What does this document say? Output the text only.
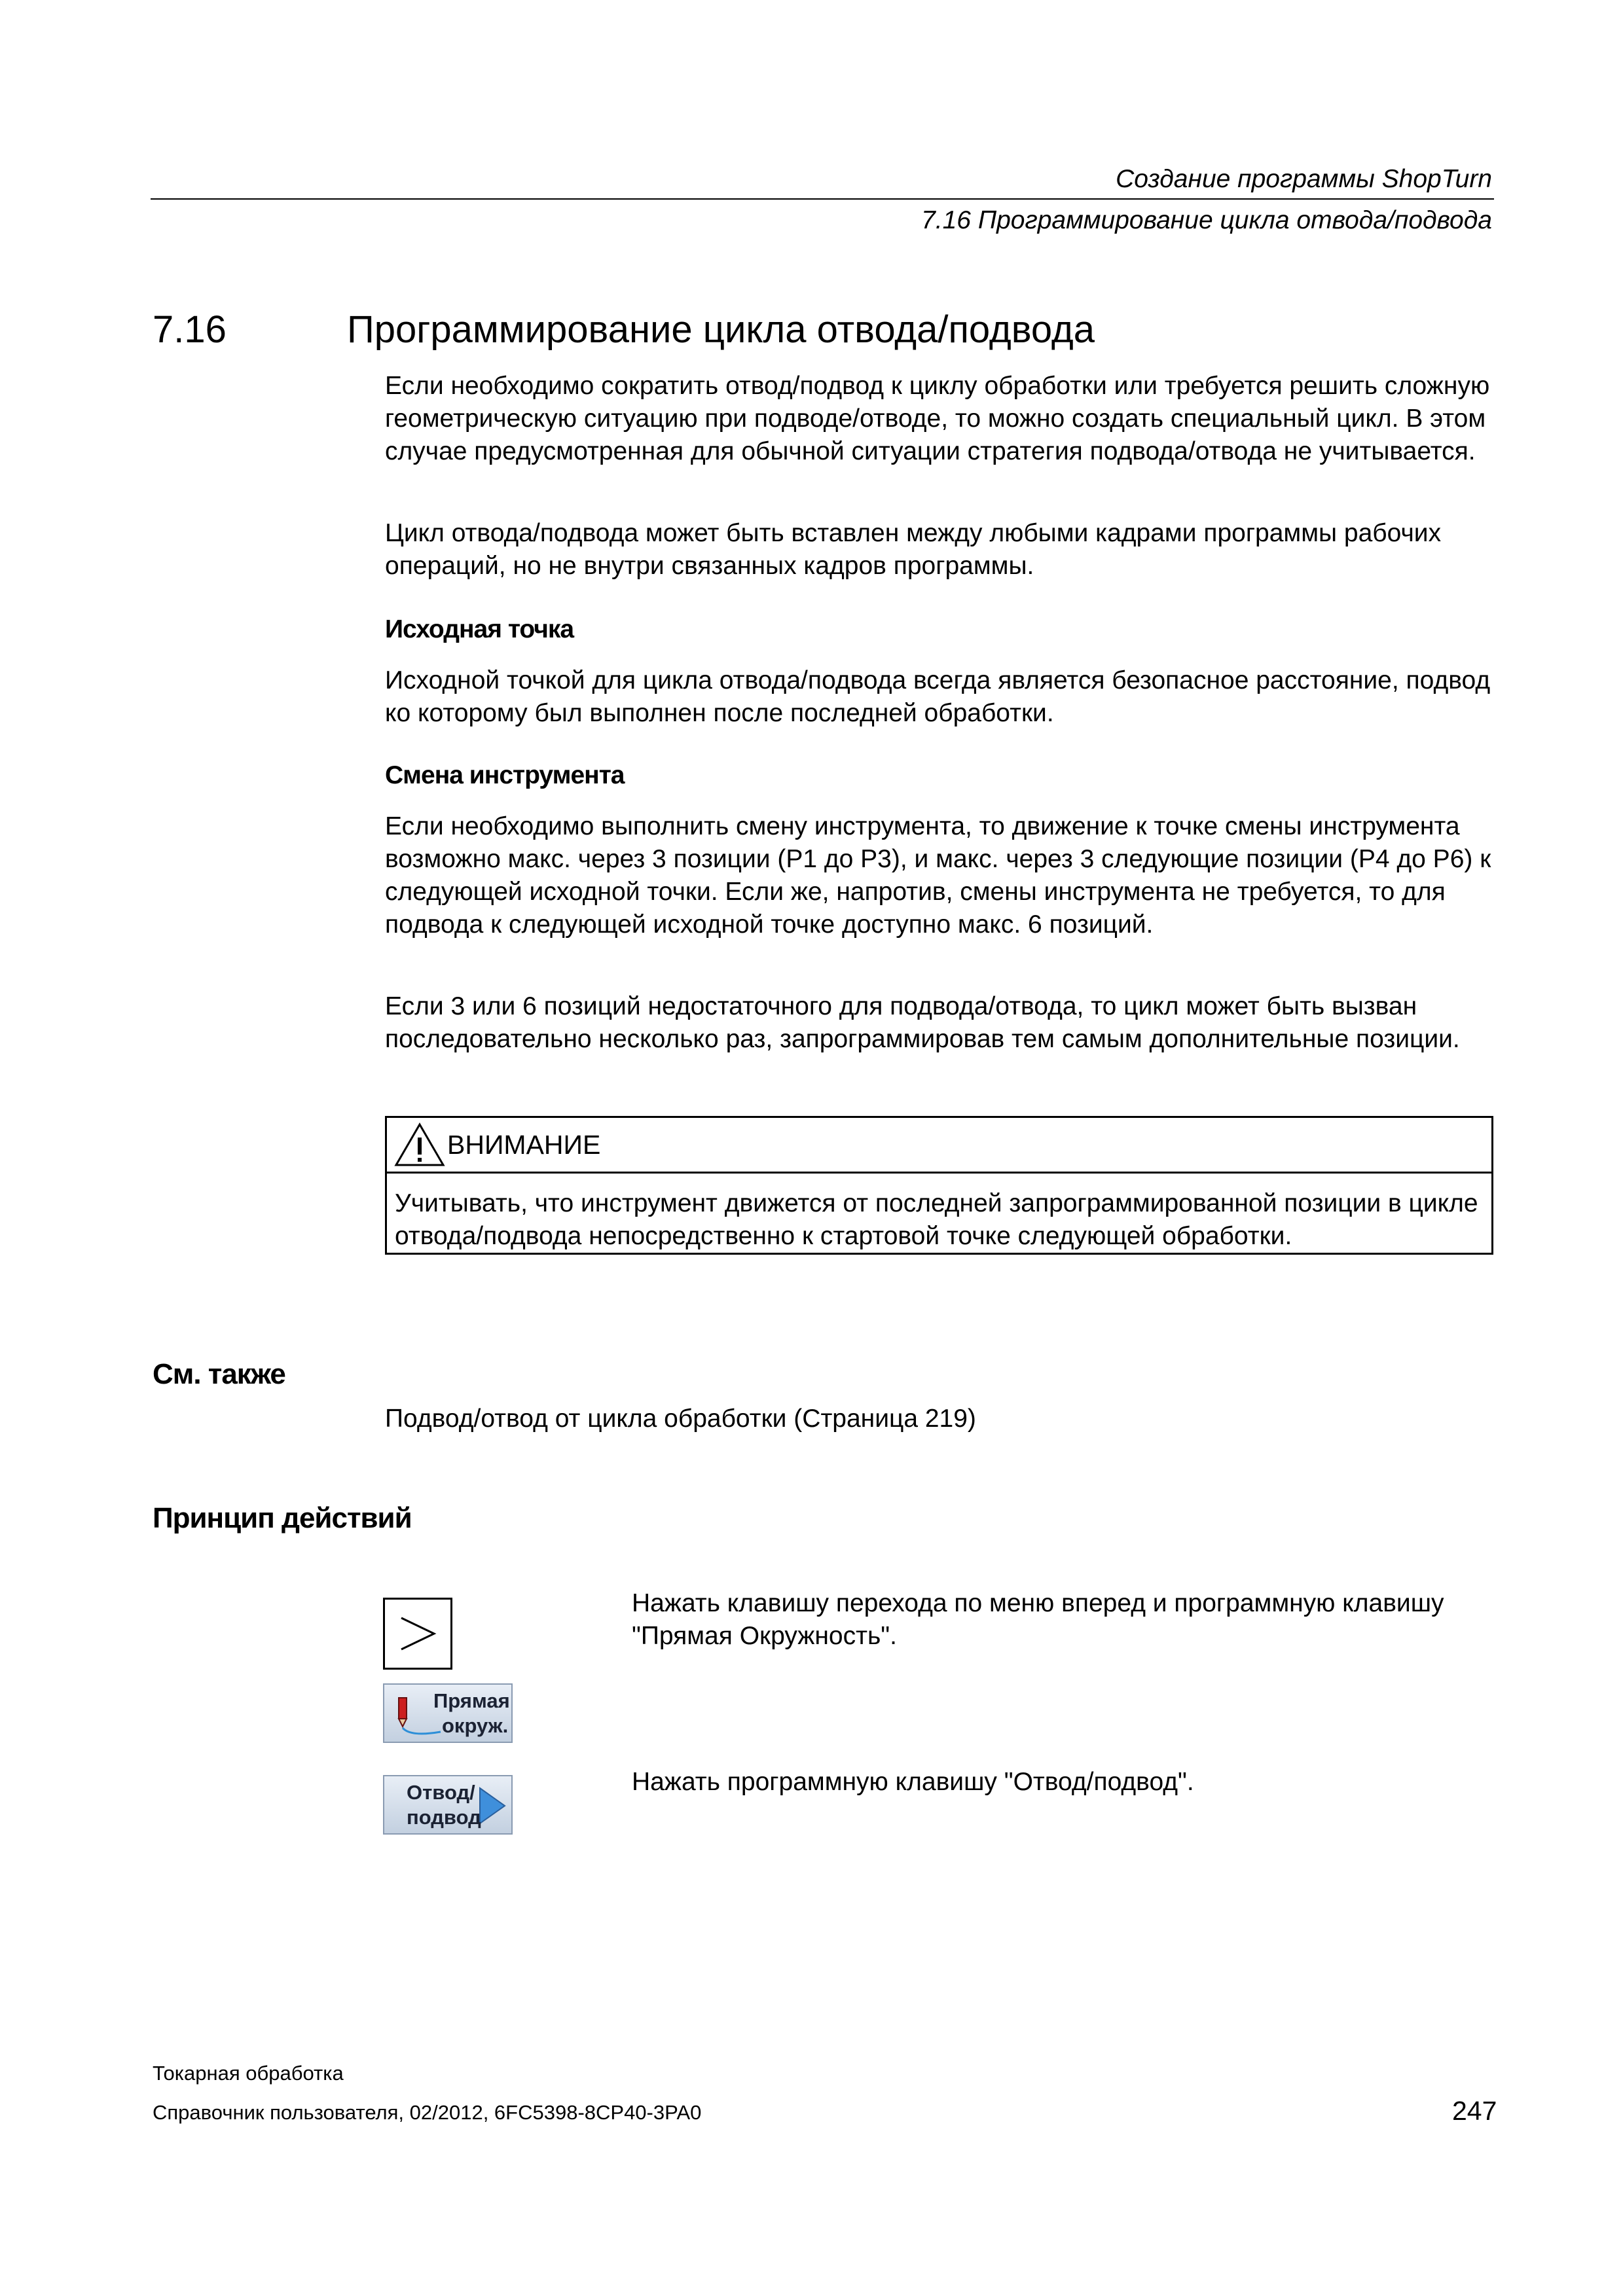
Создание программы ShopTurn
7.16 Программирование цикла отвода/подвода
7.16	Программирование цикла отвода/подвода

Если необходимо сократить отвод/подвод к циклу обработки или требуется решить сложную геометрическую ситуацию при подводе/отводе, то можно создать специальный цикл. В этом случае предусмотренная для обычной ситуации стратегия подвода/отвода не учитывается.

Цикл отвода/подвода может быть вставлен между любыми кадрами программы рабочих операций, но не внутри связанных кадров программы.

Исходная точка

Исходной точкой для цикла отвода/подвода всегда является безопасное расстояние, подвод ко которому был выполнен после последней обработки.

Смена инструмента

Если необходимо выполнить смену инструмента, то движение к точке смены инструмента возможно макс. через 3 позиции (P1 до P3), и макс. через 3 следующие позиции (P4 до P6) к следующей исходной точки. Если же, напротив, смены инструмента не требуется, то для подвода к следующей исходной точке доступно макс. 6 позиций.

Если 3 или 6 позиций недостаточного для подвода/отвода, то цикл может быть вызван последовательно несколько раз, запрограммировав тем самым дополнительные позиции.

ВНИМАНИЕ
Учитывать, что инструмент движется от последней запрограммированной позиции в цикле отвода/подвода непосредственно к стартовой точке следующей обработки.
См. также

Подвод/отвод от цикла обработки (Страница 219)

Принцип действий
Прямая
окруж.

Нажать клавишу перехода по меню вперед и программную клавишу "Прямая Окружность".

Отвод/
подвод

Нажать программную клавишу "Отвод/подвод".

Токарная обработка
Справочник пользователя, 02/2012, 6FC5398-8CP40-3PA0	247
